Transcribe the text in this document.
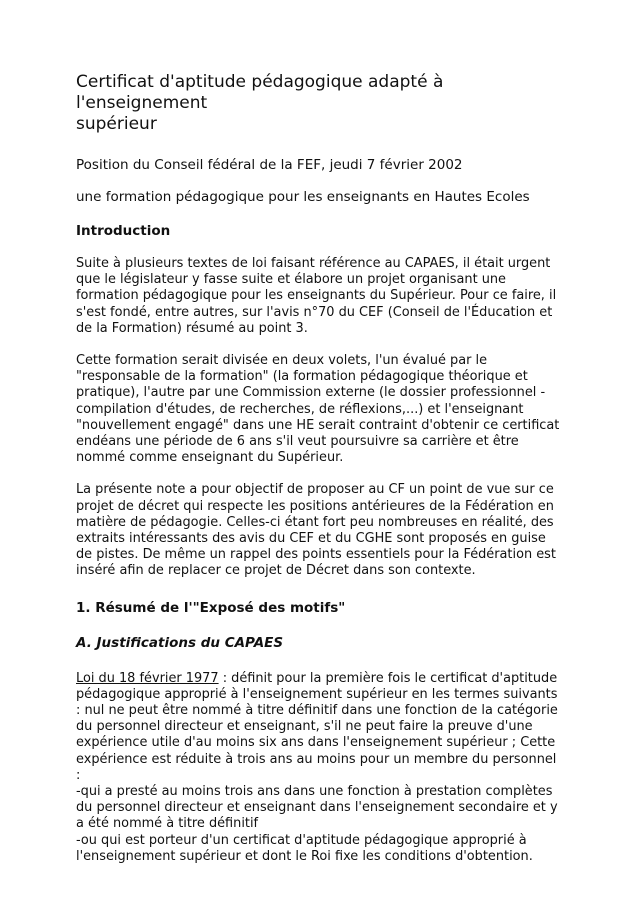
Certificat d'aptitude pédagogique adapté à l'enseignement
supérieur

Position du Conseil fédéral de la FEF, jeudi 7 février 2002

une formation pédagogique pour les enseignants en Hautes Ecoles

Introduction

Suite à plusieurs textes de loi faisant référence au CAPAES, il était urgent
que le législateur y fasse suite et élabore un projet organisant une
formation pédagogique pour les enseignants du Supérieur. Pour ce faire, il
s'est fondé, entre autres, sur l'avis n°70 du CEF (Conseil de l'Éducation et
de la Formation) résumé au point 3.

Cette formation serait divisée en deux volets, l'un évalué par le
"responsable de la formation" (la formation pédagogique théorique et
pratique), l'autre par une Commission externe (le dossier professionnel -
compilation d'études, de recherches, de réflexions,...) et l'enseignant
"nouvellement engagé" dans une HE serait contraint d'obtenir ce certificat
endéans une période de 6 ans s'il veut poursuivre sa carrière et être
nommé comme enseignant du Supérieur.

La présente note a pour objectif de proposer au CF un point de vue sur ce
projet de décret qui respecte les positions antérieures de la Fédération en
matière de pédagogie. Celles-ci étant fort peu nombreuses en réalité, des
extraits intéressants des avis du CEF et du CGHE sont proposés en guise
de pistes. De même un rappel des points essentiels pour la Fédération est
inséré afin de replacer ce projet de Décret dans son contexte.

1. Résumé de l'"Exposé des motifs"
A. Justifications du CAPAES

Loi du 18 février 1977 : définit pour la première fois le certificat d'aptitude
pédagogique approprié à l'enseignement supérieur en les termes suivants
: nul ne peut être nommé à titre définitif dans une fonction de la catégorie
du personnel directeur et enseignant, s'il ne peut faire la preuve d'une
expérience utile d'au moins six ans dans l'enseignement supérieur ; Cette
expérience est réduite à trois ans au moins pour un membre du personnel
:
-qui a presté au moins trois ans dans une fonction à prestation complètes
du personnel directeur et enseignant dans l'enseignement secondaire et y
a été nommé à titre définitif
-ou qui est porteur d'un certificat d'aptitude pédagogique approprié à
l'enseignement supérieur et dont le Roi fixe les conditions d'obtention.
